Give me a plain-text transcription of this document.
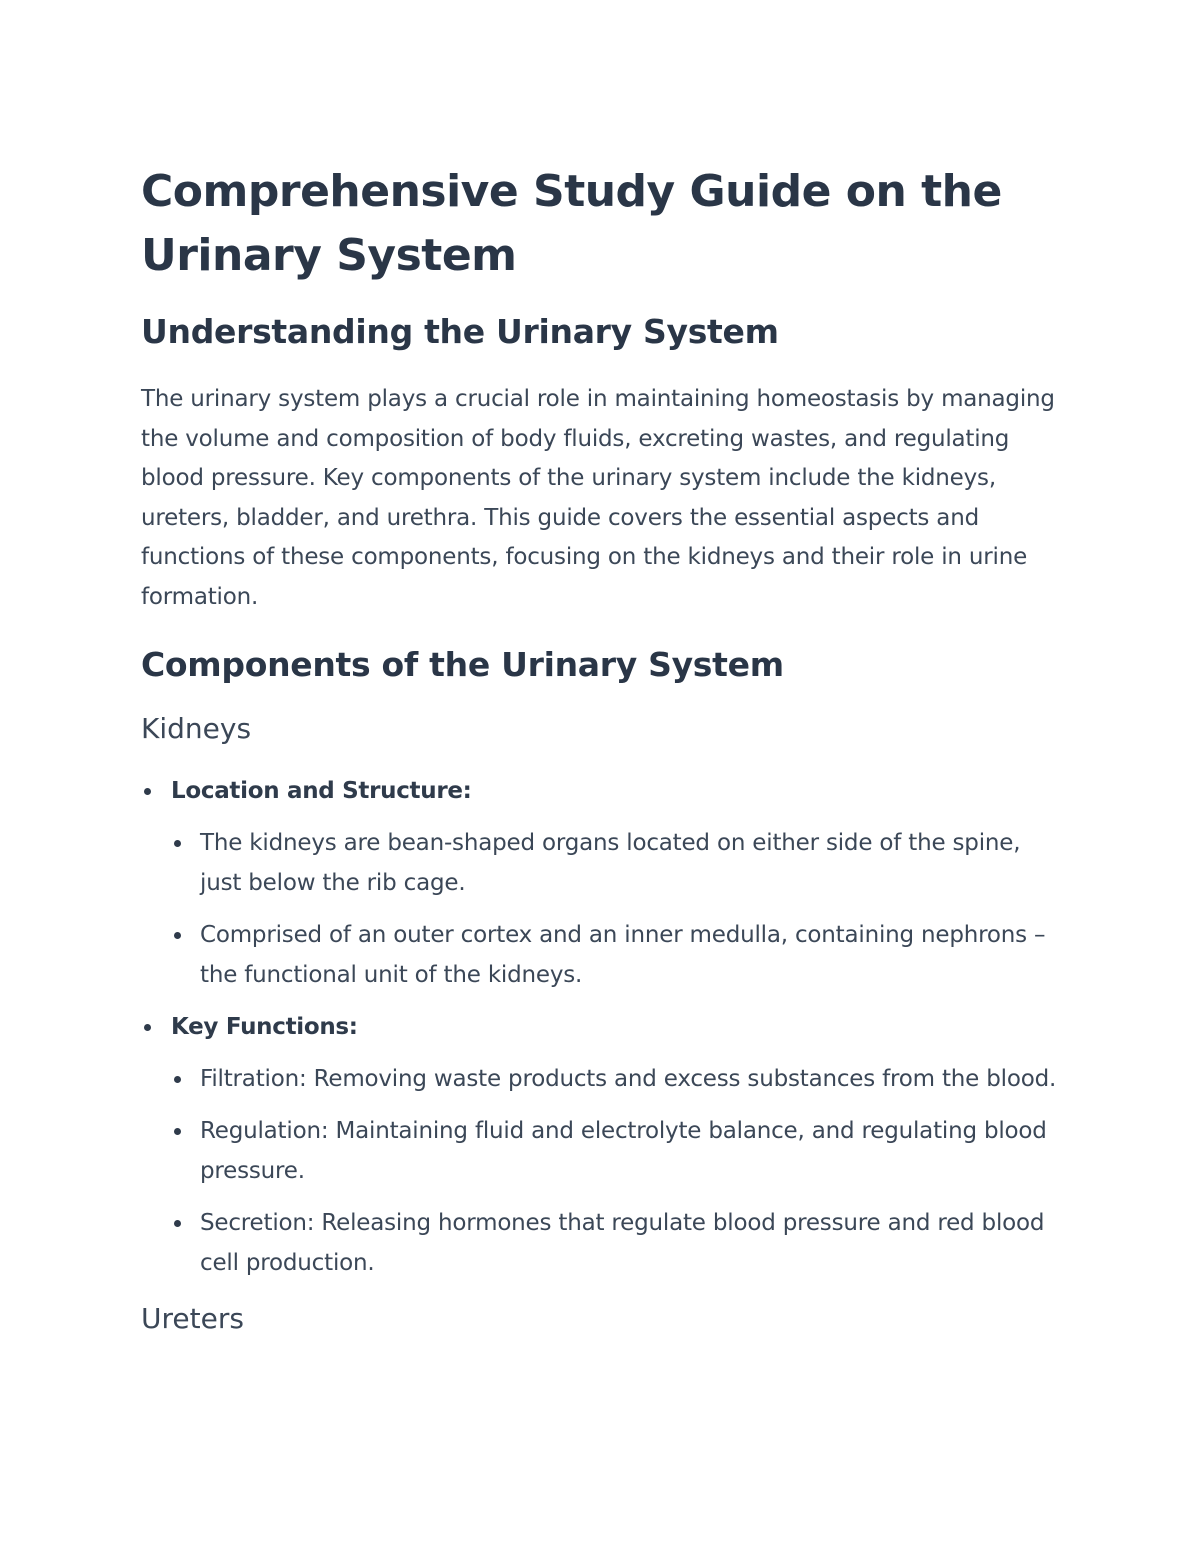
Comprehensive Study Guide on the Urinary System
Understanding the Urinary System

The urinary system plays a crucial role in maintaining homeostasis by managing the volume and composition of body fluids, excreting wastes, and regulating blood pressure. Key components of the urinary system include the kidneys, ureters, bladder, and urethra. This guide covers the essential aspects and functions of these components, focusing on the kidneys and their role in urine formation.

Components of the Urinary System
Kidneys
Location and Structure:
The kidneys are bean-shaped organs located on either side of the spine, just below the rib cage.
Comprised of an outer cortex and an inner medulla, containing nephrons – the functional unit of the kidneys.
Key Functions:
Filtration: Removing waste products and excess substances from the blood.
Regulation: Maintaining fluid and electrolyte balance, and regulating blood pressure.
Secretion: Releasing hormones that regulate blood pressure and red blood cell production.
Ureters
